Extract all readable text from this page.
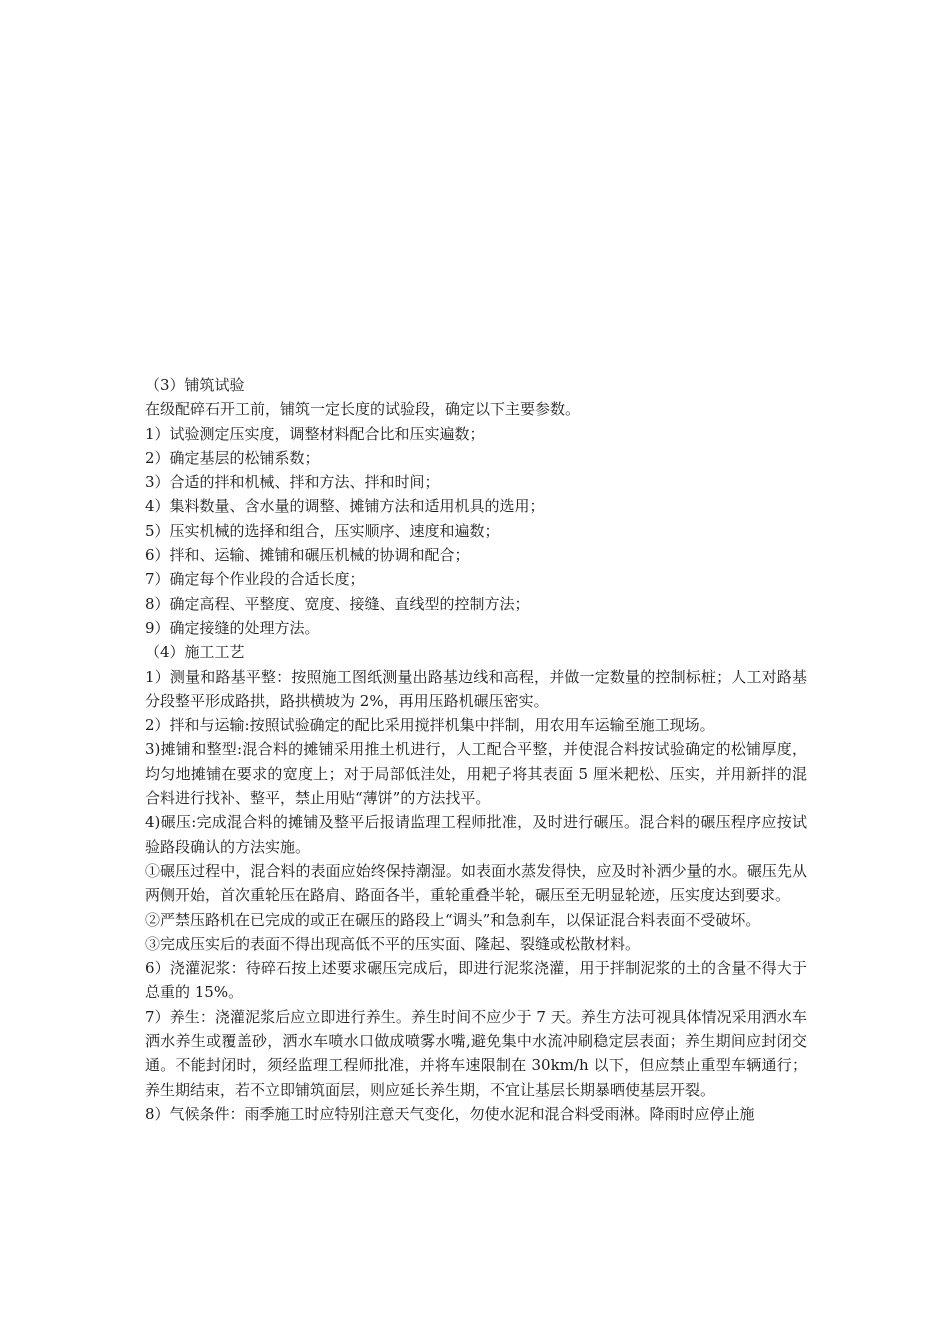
（3）铺筑试验

在级配碎石开工前，铺筑一定长度的试验段，确定以下主要参数。

1）试验测定压实度，调整材料配合比和压实遍数；

2）确定基层的松铺系数；

3）合适的拌和机械、拌和方法、拌和时间；

4）集料数量、含水量的调整、摊铺方法和适用机具的选用；

5）压实机械的选择和组合，压实顺序、速度和遍数；

6）拌和、运输、摊铺和碾压机械的协调和配合；

7）确定每个作业段的合适长度；

8）确定高程、平整度、宽度、接缝、直线型的控制方法；

9）确定接缝的处理方法。

（4）施工工艺

1）测量和路基平整：按照施工图纸测量出路基边线和高程，并做一定数量的控制标桩；人工对路基分段整平形成路拱，路拱横坡为 2%，再用压路机碾压密实。

2）拌和与运输:按照试验确定的配比采用搅拌机集中拌制，用农用车运输至施工现场。

3)摊铺和整型:混合料的摊铺采用推土机进行，人工配合平整，并使混合料按试验确定的松铺厚度，均匀地摊铺在要求的宽度上；对于局部低洼处，用耙子将其表面 5 厘米耙松、压实，并用新拌的混合料进行找补、整平，禁止用贴“薄饼”的方法找平。

4)碾压:完成混合料的摊铺及整平后报请监理工程师批准，及时进行碾压。混合料的碾压程序应按试验路段确认的方法实施。

①碾压过程中，混合料的表面应始终保持潮湿。如表面水蒸发得快，应及时补洒少量的水。碾压先从两侧开始，首次重轮压在路肩、路面各半，重轮重叠半轮，碾压至无明显轮迹，压实度达到要求。

②严禁压路机在已完成的或正在碾压的路段上“调头”和急刹车，以保证混合料表面不受破坏。

③完成压实后的表面不得出现高低不平的压实面、隆起、裂缝或松散材料。

6）浇灌泥浆：待碎石按上述要求碾压完成后，即进行泥浆浇灌，用于拌制泥浆的土的含量不得大于总重的 15%。

7）养生：浇灌泥浆后应立即进行养生。养生时间不应少于 7 天。养生方法可视具体情况采用洒水车洒水养生或覆盖砂，洒水车喷水口做成喷雾水嘴,避免集中水流冲刷稳定层表面；养生期间应封闭交通。不能封闭时，须经监理工程师批准，并将车速限制在 30km/h 以下，但应禁止重型车辆通行；养生期结束，若不立即铺筑面层，则应延长养生期，不宜让基层长期暴晒使基层开裂。

8）气候条件：雨季施工时应特别注意天气变化，勿使水泥和混合料受雨淋。降雨时应停止施
